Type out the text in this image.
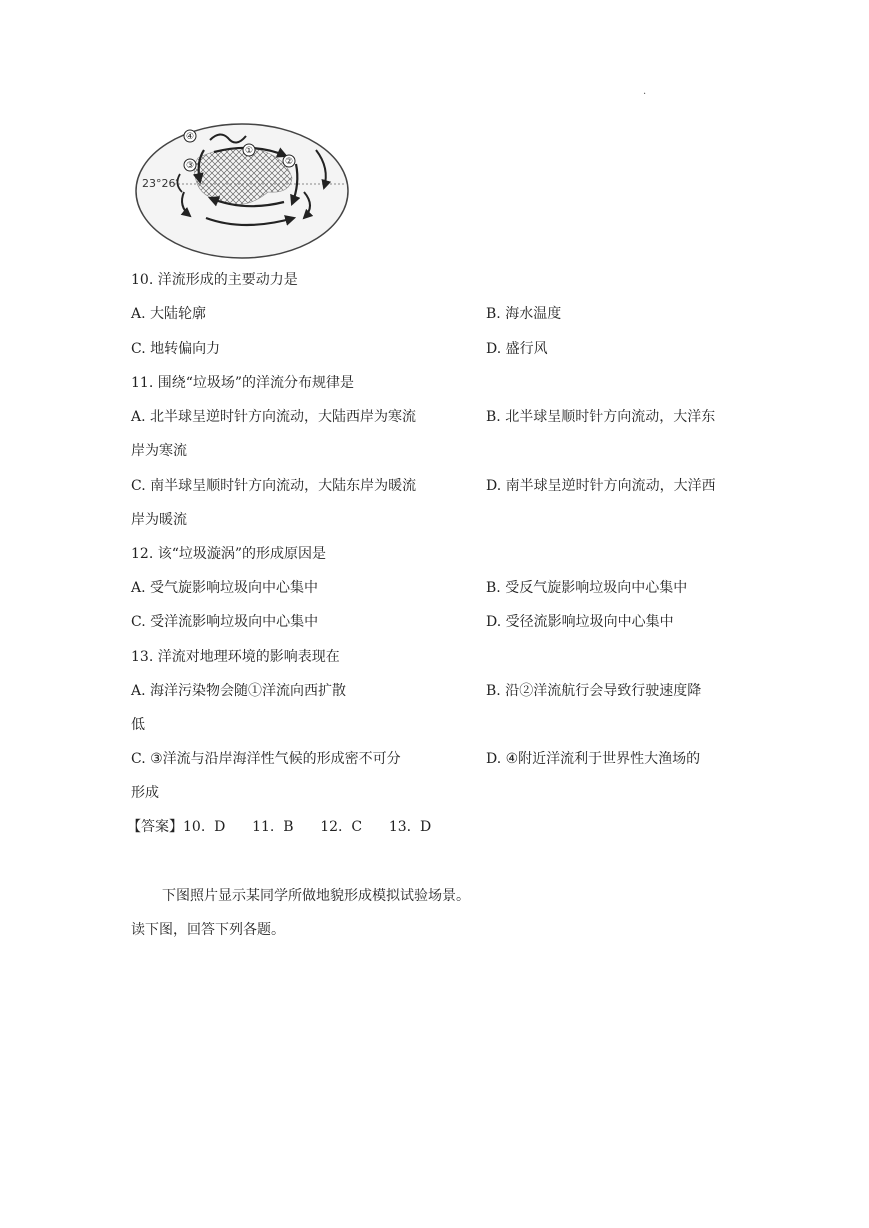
.
④
①
②
③
23°26′
10. 洋流形成的主要动力是
A. 大陆轮廓	B. 海水温度
C. 地转偏向力	D. 盛行风
11. 围绕“垃圾场”的洋流分布规律是
A. 北半球呈逆时针方向流动，大陆西岸为寒流	B. 北半球呈顺时针方向流动，大洋东
岸为寒流
C. 南半球呈顺时针方向流动，大陆东岸为暖流	D. 南半球呈逆时针方向流动，大洋西
岸为暖流
12. 该“垃圾漩涡”的形成原因是
A. 受气旋影响垃圾向中心集中	B. 受反气旋影响垃圾向中心集中
C. 受洋流影响垃圾向中心集中	D. 受径流影响垃圾向中心集中
13. 洋流对地理环境的影响表现在
A. 海洋污染物会随①洋流向西扩散	B. 沿②洋流航行会导致行驶速度降
低
C. ③洋流与沿岸海洋性气候的形成密不可分	D. ④附近洋流利于世界性大渔场的
形成
【答案】10.  D      11.  B      12.  C      13.  D
下图照片显示某同学所做地貌形成模拟试验场景。
读下图，回答下列各题。
